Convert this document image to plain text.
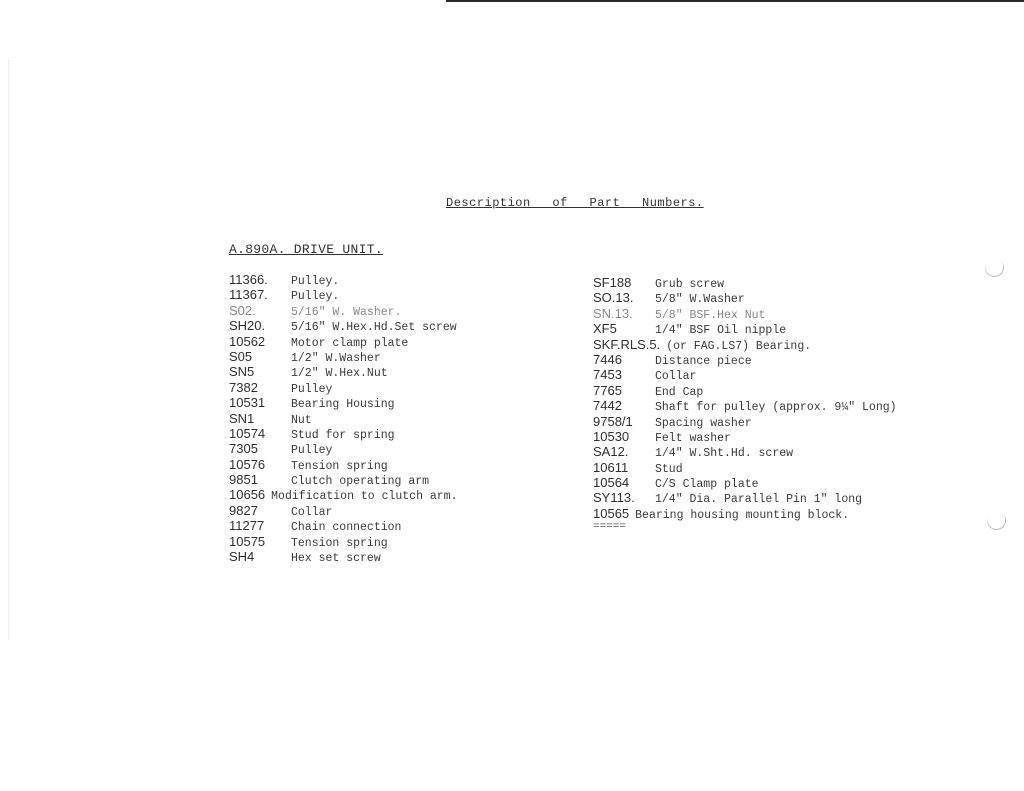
Description of Part Numbers.
A.890A. DRIVE UNIT.
11366. Pulley.
11367. Pulley.
S02.	5/16" W. Washer.
SH20. 5/16" W.Hex.Hd.Set screw
10562 Motor clamp plate
S05	1/2" W.Washer
SN5	1/2" W.Hex.Nut
7382	Pulley
10531 Bearing Housing
SN1	Nut
10574 Stud for spring
7305	Pulley
10576 Tension spring
9851	Clutch operating arm
10656 Modification to clutch arm.
9827	Collar
11277 Chain connection
10575 Tension spring
SH4	Hex set screw
SF188 Grub screw
SO.13. 5/8" W.Washer
SN.13. 5/8" BSF.Hex Nut
XF5	1/4" BSF Oil nipple
SKF.RLS.5. (or FAG.LS7) Bearing.
7446	Distance piece
7453	Collar
7765	End Cap
7442	Shaft for pulley (approx. 9¼" Long)
9758/1 Spacing washer
10530 Felt washer
SA12. 1/4" W.Sht.Hd. screw
10611 Stud
10564 C/S Clamp plate
SY113. 1/4" Dia. Parallel Pin 1" long
10565 Bearing housing mounting block.
=====
